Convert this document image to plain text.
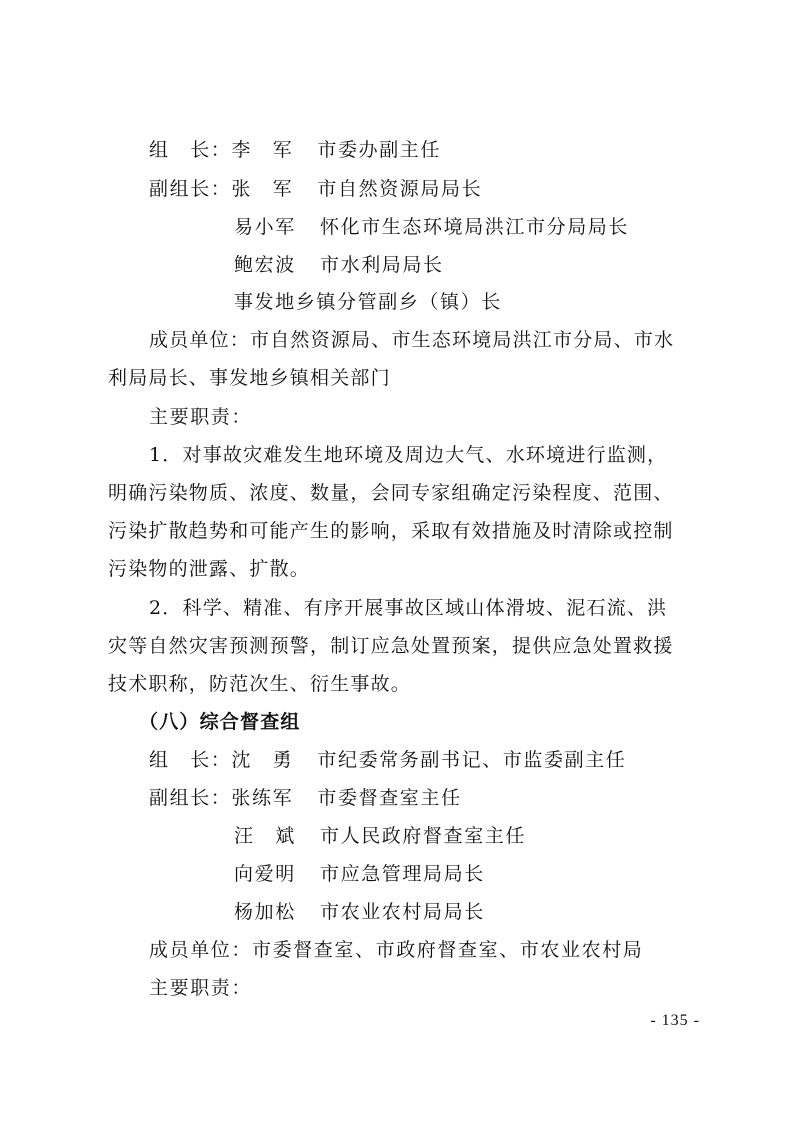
组　长：李　军 市委办副主任
副组长：张　军 市自然资源局局长
易小军 怀化市生态环境局洪江市分局局长
鲍宏波 市水利局局长
事发地乡镇分管副乡（镇）长
成员单位：市自然资源局、市生态环境局洪江市分局、市水
利局局长、事发地乡镇相关部门
主要职责：
1．对事故灾难发生地环境及周边大气、水环境进行监测，
明确污染物质、浓度、数量，会同专家组确定污染程度、范围、
污染扩散趋势和可能产生的影响，采取有效措施及时清除或控制
污染物的泄露、扩散。
2．科学、精准、有序开展事故区域山体滑坡、泥石流、洪
灾等自然灾害预测预警，制订应急处置预案，提供应急处置救援
技术职称，防范次生、衍生事故。
（八）综合督查组
组　长：沈　勇 市纪委常务副书记、市监委副主任
副组长：张练军 市委督查室主任
汪　斌 市人民政府督查室主任
向爱明 市应急管理局局长
杨加松 市农业农村局局长
成员单位：市委督查室、市政府督查室、市农业农村局
主要职责：
- 135 -
